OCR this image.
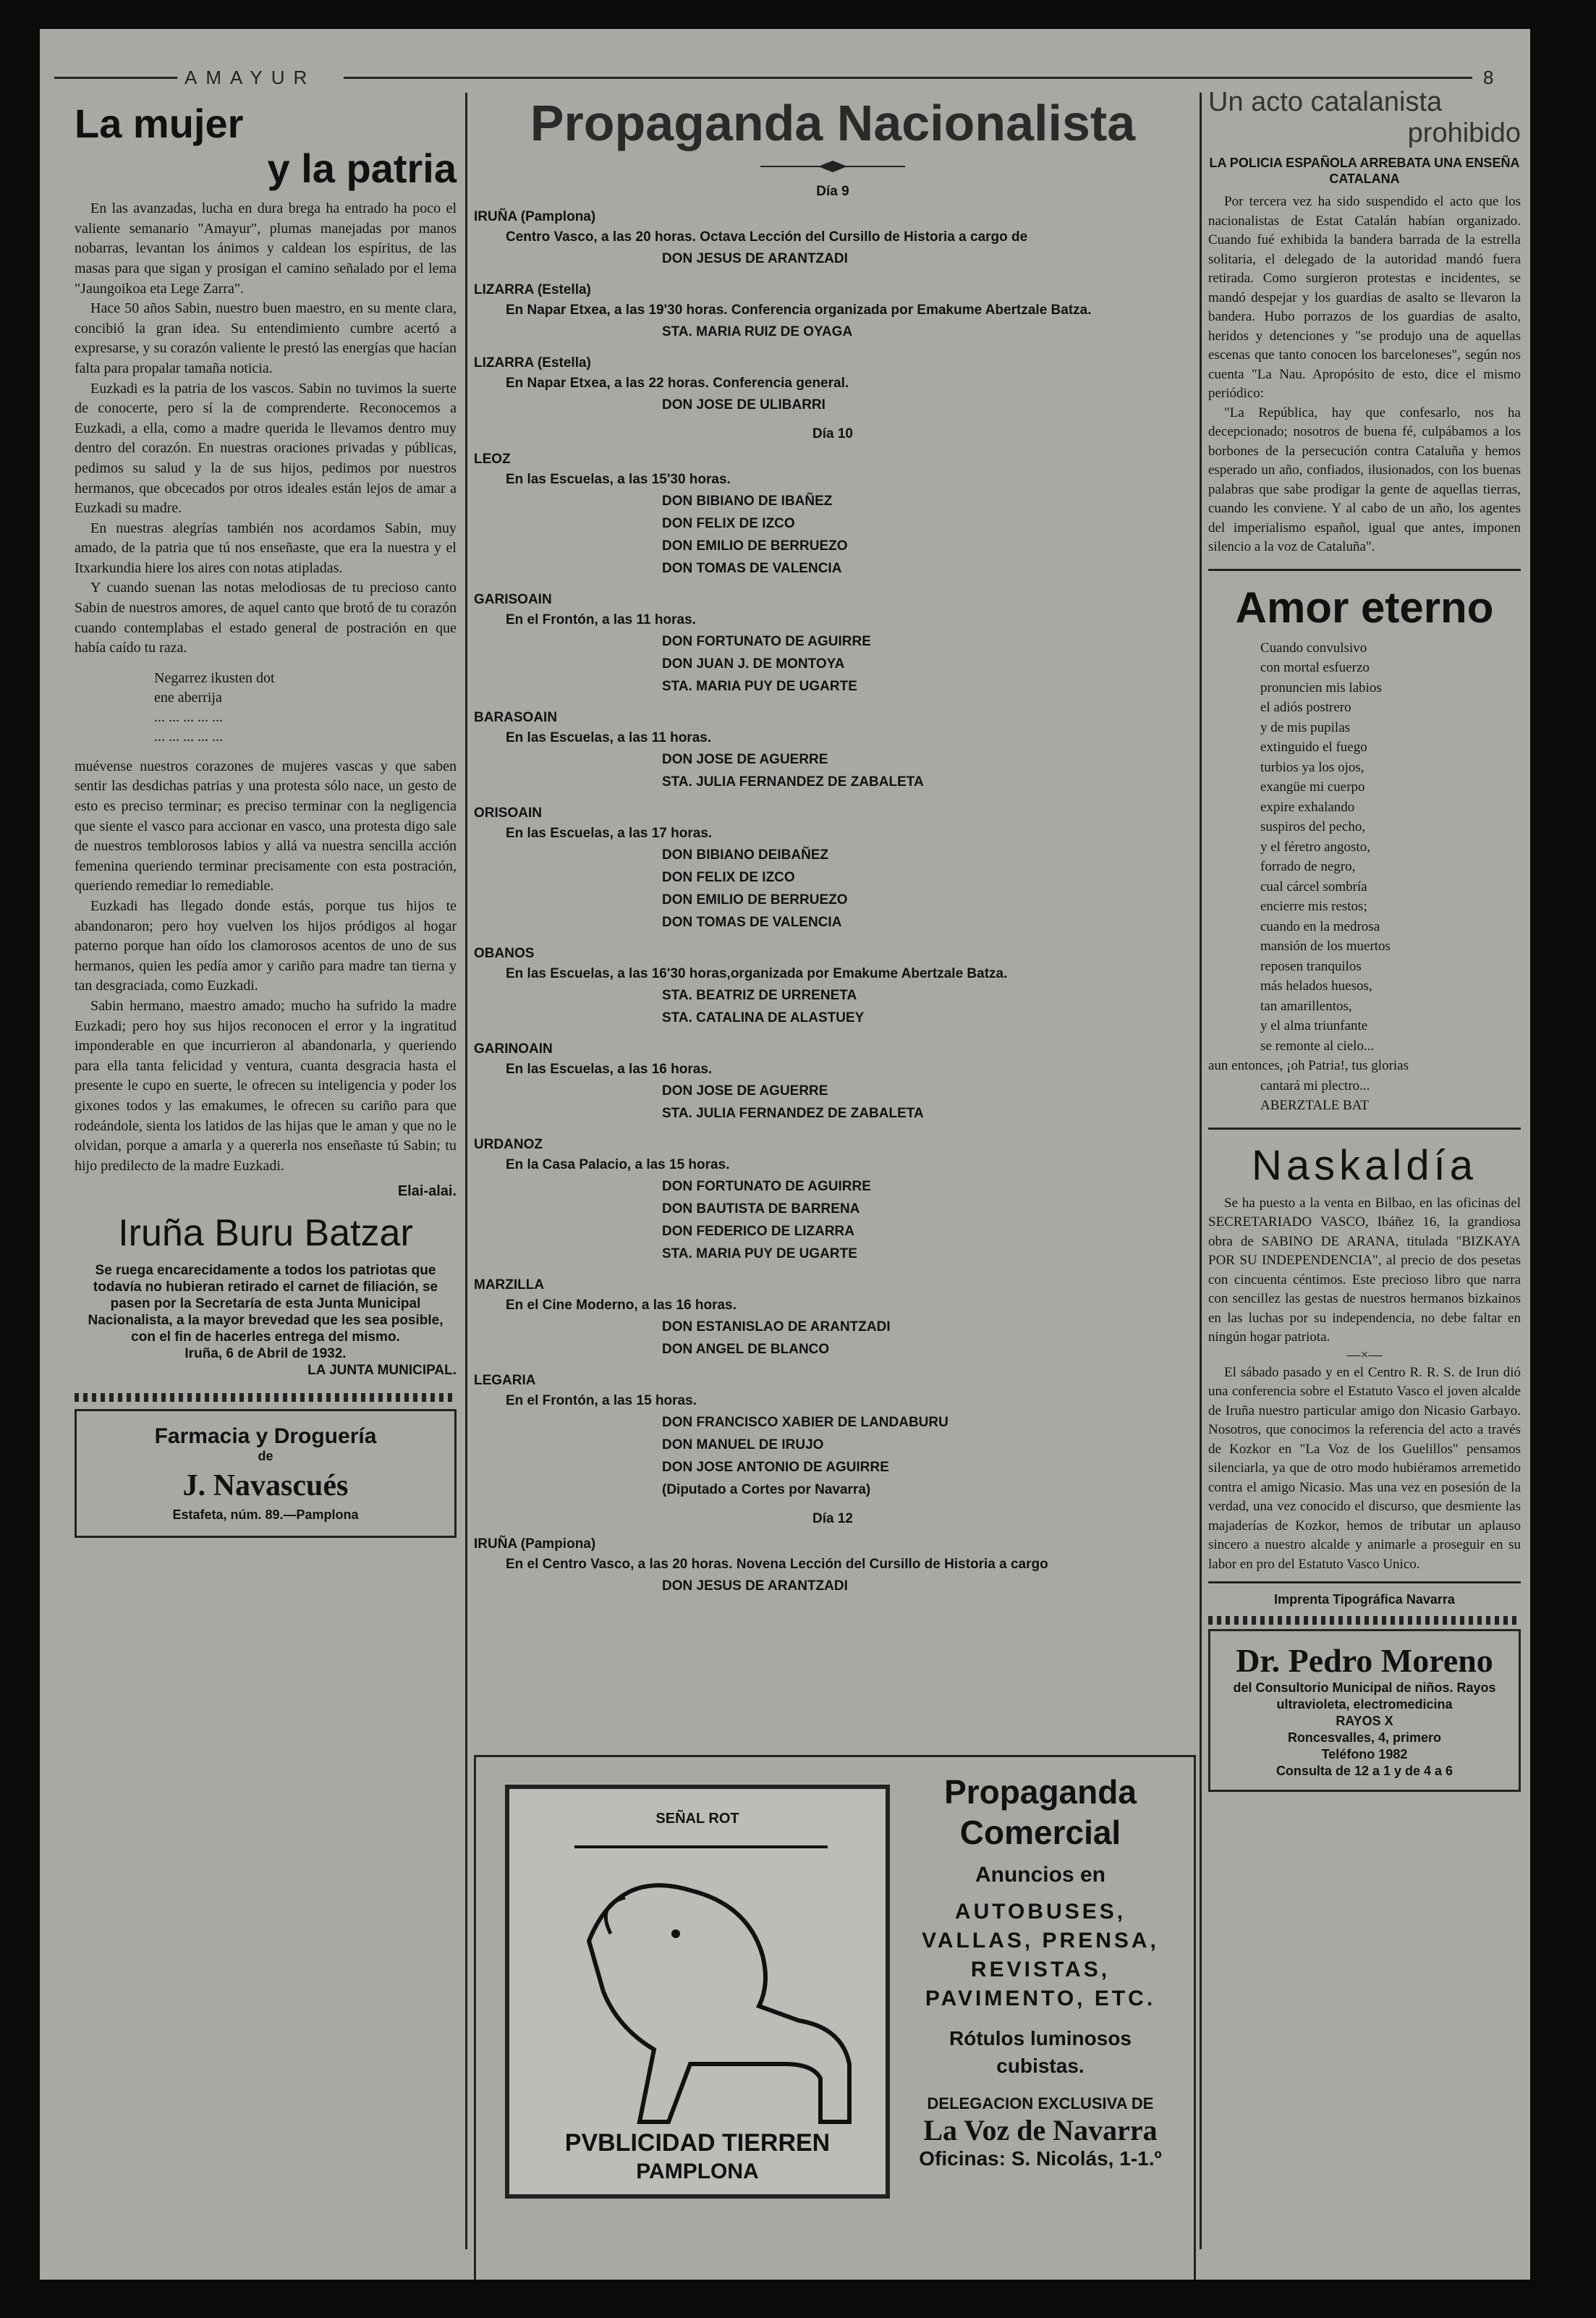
AMAYUR	8
La mujer
y la patria

En las avanzadas, lucha en dura brega ha entrado ha poco el valiente semanario "Amayur", plumas manejadas por manos nobarras, levantan los ánimos y caldean los espíritus, de las masas para que sigan y prosigan el camino señalado por el lema "Jaungoikoa eta Lege Zarra".

Hace 50 años Sabin, nuestro buen maestro, en su mente clara, concibió la gran idea. Su entendimiento cumbre acertó a expresarse, y su corazón valiente le prestó las energías que hacían falta para propalar tamaña noticia.

Euzkadi es la patria de los vascos. Sabin no tuvimos la suerte de conocerte, pero sí la de comprenderte. Reconocemos a Euzkadi, a ella, como a madre querida le llevamos dentro muy dentro del corazón. En nuestras oraciones privadas y públicas, pedimos su salud y la de sus hijos, pedimos por nuestros hermanos, que obcecados por otros ideales están lejos de amar a Euzkadi su madre.

En nuestras alegrías también nos acordamos Sabin, muy amado, de la patria que tú nos enseñaste, que era la nuestra y el Itxarkundia hiere los aires con notas atipladas.

Y cuando suenan las notas melodiosas de tu precioso canto Sabin de nuestros amores, de aquel canto que brotó de tu corazón cuando contemplabas el estado general de postración en que había caído tu raza.

Negarrez ikusten dot
ene aberrija
... ... ... ... ...
... ... ... ... ...

muévense nuestros corazones de mujeres vascas y que saben sentir las desdichas patrias y una protesta sólo nace, un gesto de esto es preciso terminar; es preciso terminar con la negligencia que siente el vasco para accionar en vasco, una protesta digo sale de nuestros temblorosos labios y allá va nuestra sencilla acción femenina queriendo terminar precisamente con esta postración, queriendo remediar lo remediable.

Euzkadi has llegado donde estás, porque tus hijos te abandonaron; pero hoy vuelven los hijos pródigos al hogar paterno porque han oído los clamorosos acentos de uno de sus hermanos, quien les pedía amor y cariño para madre tan tierna y tan desgraciada, como Euzkadi.

Sabin hermano, maestro amado; mucho ha sufrido la madre Euzkadi; pero hoy sus hijos reconocen el error y la ingratitud imponderable en que incurrieron al abandonarla, y queriendo para ella tanta felicidad y ventura, cuanta desgracia hasta el presente le cupo en suerte, le ofrecen su inteligencia y poder los gixones todos y las emakumes, le ofrecen su cariño para que rodeándole, sienta los latidos de las hijas que le aman y que no le olvidan, porque a amarla y a quererla nos enseñaste tú Sabin; tu hijo predilecto de la madre Euzkadi.

Elai-alai.
Iruña Buru Batzar
Se ruega encarecidamente a todos los patriotas que todavía no hubieran retirado el carnet de filiación, se pasen por la Secretaría de esta Junta Municipal Nacionalista, a la mayor brevedad que les sea posible, con el fin de hacerles entrega del mismo.
Iruña, 6 de Abril de 1932.
LA JUNTA MUNICIPAL.
Farmacia y Droguería
de
J. Navascués
Estafeta, núm. 89.—Pamplona
Propaganda Nacionalista
Día 9
IRUÑA (Pamplona)
Centro Vasco, a las 20 horas. Octava Lección del Cursillo de Historia a cargo de
DON JESUS DE ARANTZADI
LIZARRA (Estella)
En Napar Etxea, a las 19'30 horas. Conferencia organizada por Emakume Abertzale Batza.
STA. MARIA RUIZ DE OYAGA
LIZARRA (Estella)
En Napar Etxea, a las 22 horas. Conferencia general.
DON JOSE DE ULIBARRI
Día 10
LEOZ
En las Escuelas, a las 15'30 horas.
DON BIBIANO DE IBAÑEZ
DON FELIX DE IZCO
DON EMILIO DE BERRUEZO
DON TOMAS DE VALENCIA
GARISOAIN
En el Frontón, a las 11 horas.
DON FORTUNATO DE AGUIRRE
DON JUAN J. DE MONTOYA
STA. MARIA PUY DE UGARTE
BARASOAIN
En las Escuelas, a las 11 horas.
DON JOSE DE AGUERRE
STA. JULIA FERNANDEZ DE ZABALETA
ORISOAIN
En las Escuelas, a las 17 horas.
DON BIBIANO DEIBAÑEZ
DON FELIX DE IZCO
DON EMILIO DE BERRUEZO
DON TOMAS DE VALENCIA
OBANOS
En las Escuelas, a las 16'30 horas,organizada por Emakume Abertzale Batza.
STA. BEATRIZ DE URRENETA
STA. CATALINA DE ALASTUEY
GARINOAIN
En las Escuelas, a las 16 horas.
DON JOSE DE AGUERRE
STA. JULIA FERNANDEZ DE ZABALETA
URDANOZ
En la Casa Palacio, a las 15 horas.
DON FORTUNATO DE AGUIRRE
DON BAUTISTA DE BARRENA
DON FEDERICO DE LIZARRA
STA. MARIA PUY DE UGARTE
MARZILLA
En el Cine Moderno, a las 16 horas.
DON ESTANISLAO DE ARANTZADI
DON ANGEL DE BLANCO
LEGARIA
En el Frontón, a las 15 horas.
DON FRANCISCO XABIER DE LANDABURU
DON MANUEL DE IRUJO
DON JOSE ANTONIO DE AGUIRRE
(Diputado a Cortes por Navarra)
Día 12
IRUÑA (Pampiona)
En el Centro Vasco, a las 20 horas. Novena Lección del Cursillo de Historia a cargo
DON JESUS DE ARANTZADI
SEÑAL ROT
PVBLICIDAD TIERREN
PAMPLONA
Propaganda
Comercial
Anuncios en
AUTOBUSES,
VALLAS, PRENSA,
REVISTAS,
PAVIMENTO, ETC.
Rótulos luminosos
cubistas.
DELEGACION EXCLUSIVA DE
La Voz de Navarra
Oficinas: S. Nicolás, 1-1.º
Un acto catalanista
prohibido
LA POLICIA ESPAÑOLA ARREBATA UNA ENSEÑA CATALANA

Por tercera vez ha sido suspendido el acto que los nacionalistas de Estat Catalán habían organizado. Cuando fué exhibida la bandera barrada de la estrella solitaria, el delegado de la autoridad mandó fuera retirada. Como surgieron protestas e incidentes, se mandó despejar y los guardias de asalto se llevaron la bandera. Hubo porrazos de los guardias de asalto, heridos y detenciones y "se produjo una de aquellas escenas que tanto conocen los barceloneses", según nos cuenta "La Nau. Apropósito de esto, dice el mismo periódico:

"La República, hay que confesarlo, nos ha decepcionado; nosotros de buena fé, culpábamos a los borbones de la persecución contra Cataluña y hemos esperado un año, confiados, ilusionados, con los buenas palabras que sabe prodigar la gente de aquellas tierras, cuando les conviene. Y al cabo de un año, los agentes del imperialismo español, igual que antes, imponen silencio a la voz de Cataluña".

Amor eterno
Cuando convulsivo
con mortal esfuerzo
pronuncien mis labios
el adiós postrero
y de mis pupilas
extinguido el fuego
turbios ya los ojos,
exangüe mi cuerpo
expire exhalando
suspiros del pecho,
y el féretro angosto,
forrado de negro,
cual cárcel sombría
encierre mis restos;
cuando en la medrosa
mansión de los muertos
reposen tranquilos
más helados huesos,
tan amarillentos,
y el alma triunfante
se remonte al cielo...
aun entonces, ¡oh Patria!, tus glorias
cantará mi plectro...
ABERZTALE BAT
Naskaldía

Se ha puesto a la venta en Bilbao, en las oficinas del SECRETARIADO VASCO, Ibáñez 16, la grandiosa obra de SABINO DE ARANA, titulada "BIZKAYA POR SU INDEPENDENCIA", al precio de dos pesetas con cincuenta céntimos. Este precioso libro que narra con sencillez las gestas de nuestros hermanos bizkainos en las luchas por su independencia, no debe faltar en ningún hogar patriota.

—×—

El sábado pasado y en el Centro R. R. S. de Irun dió una conferencia sobre el Estatuto Vasco el joven alcalde de Iruña nuestro particular amigo don Nicasio Garbayo. Nosotros, que conocimos la referencia del acto a través de Kozkor en "La Voz de los Guelillos" pensamos silenciarla, ya que de otro modo hubiéramos arremetido contra el amigo Nicasio. Mas una vez en posesión de la verdad, una vez conocido el discurso, que desmiente las majaderías de Kozkor, hemos de tributar un aplauso sincero a nuestro alcalde y animarle a proseguir en su labor en pro del Estatuto Vasco Unico.

Imprenta Tipográfica Navarra
Dr. Pedro Moreno
del Consultorio Municipal de niños. Rayos ultravioleta, electromedicina
RAYOS X
Roncesvalles, 4, primero
Teléfono 1982
Consulta de 12 a 1 y de 4 a 6
